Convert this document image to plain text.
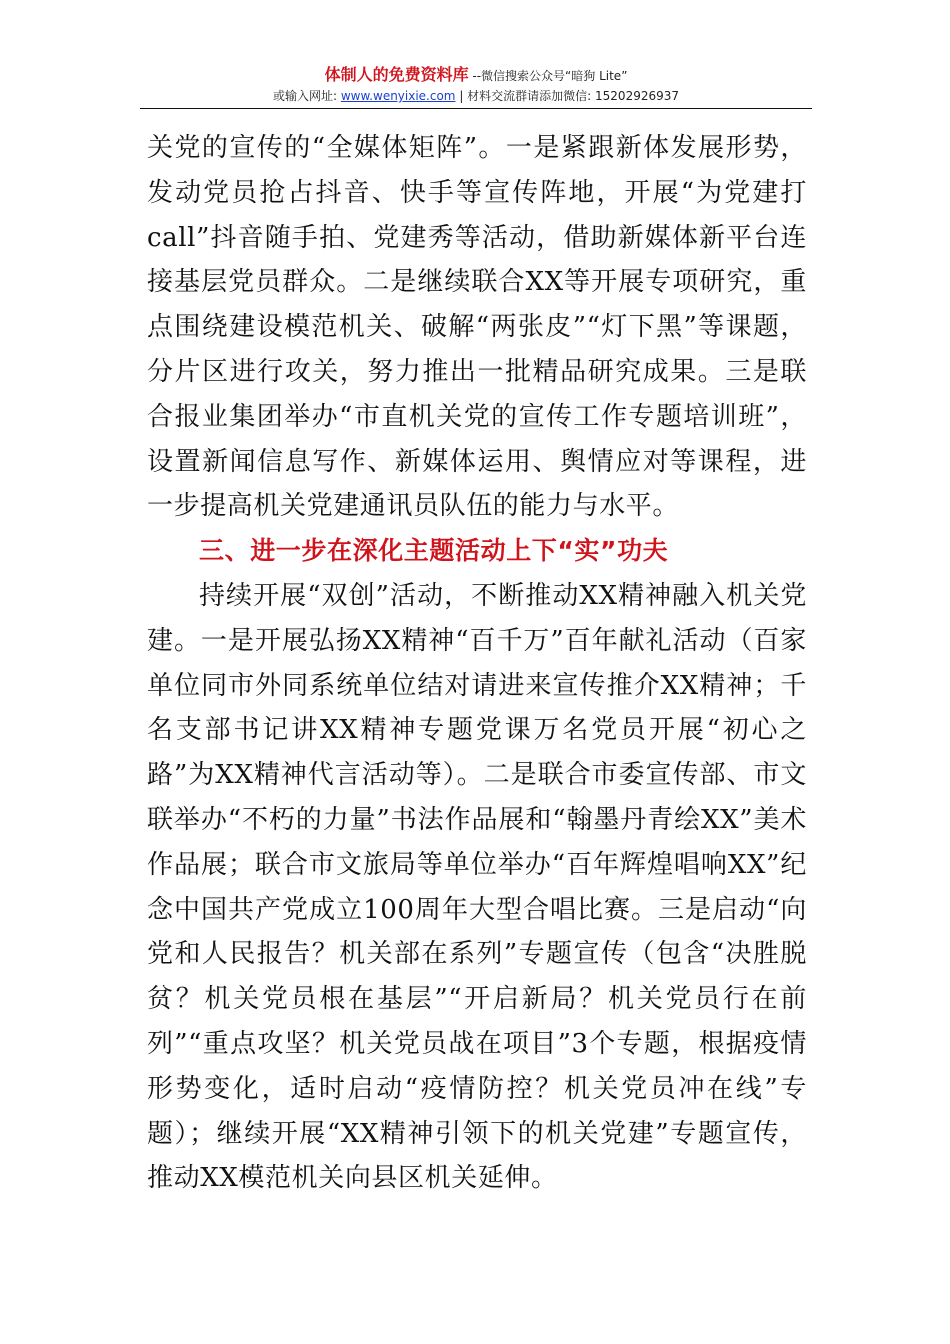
体制人的免费资料库 --微信搜索公众号“暗狗 Lite”
或输入网址: www.wenyixie.com | 材料交流群请添加微信: 15202926937

关党的宣传的“全媒体矩阵”。一是紧跟新体发展形势，发动党员抢占抖音、快手等宣传阵地，开展“为党建打call”抖音随手拍、党建秀等活动，借助新媒体新平台连接基层党员群众。二是继续联合XX等开展专项研究，重点围绕建设模范机关、破解“两张皮”“灯下黑”等课题，分片区进行攻关，努力推出一批精品研究成果。三是联合报业集团举办“市直机关党的宣传工作专题培训班”，设置新闻信息写作、新媒体运用、舆情应对等课程，进一步提高机关党建通讯员队伍的能力与水平。

三、进一步在深化主题活动上下“实”功夫

持续开展“双创”活动，不断推动XX精神融入机关党建。一是开展弘扬XX精神“百千万”百年献礼活动（百家单位同市外同系统单位结对请进来宣传推介XX精神；千名支部书记讲XX精神专题党课万名党员开展“初心之路”为XX精神代言活动等）。二是联合市委宣传部、市文联举办“不朽的力量”书法作品展和“翰墨丹青绘XX”美术作品展；联合市文旅局等单位举办“百年辉煌唱响XX”纪念中国共产党成立100周年大型合唱比赛。三是启动“向党和人民报告？机关部在系列”专题宣传（包含“决胜脱贫？机关党员根在基层”“开启新局？机关党员行在前列”“重点攻坚？机关党员战在项目”3个专题，根据疫情形势变化，适时启动“疫情防控？机关党员冲在线”专题）；继续开展“XX精神引领下的机关党建”专题宣传，推动XX模范机关向县区机关延伸。
